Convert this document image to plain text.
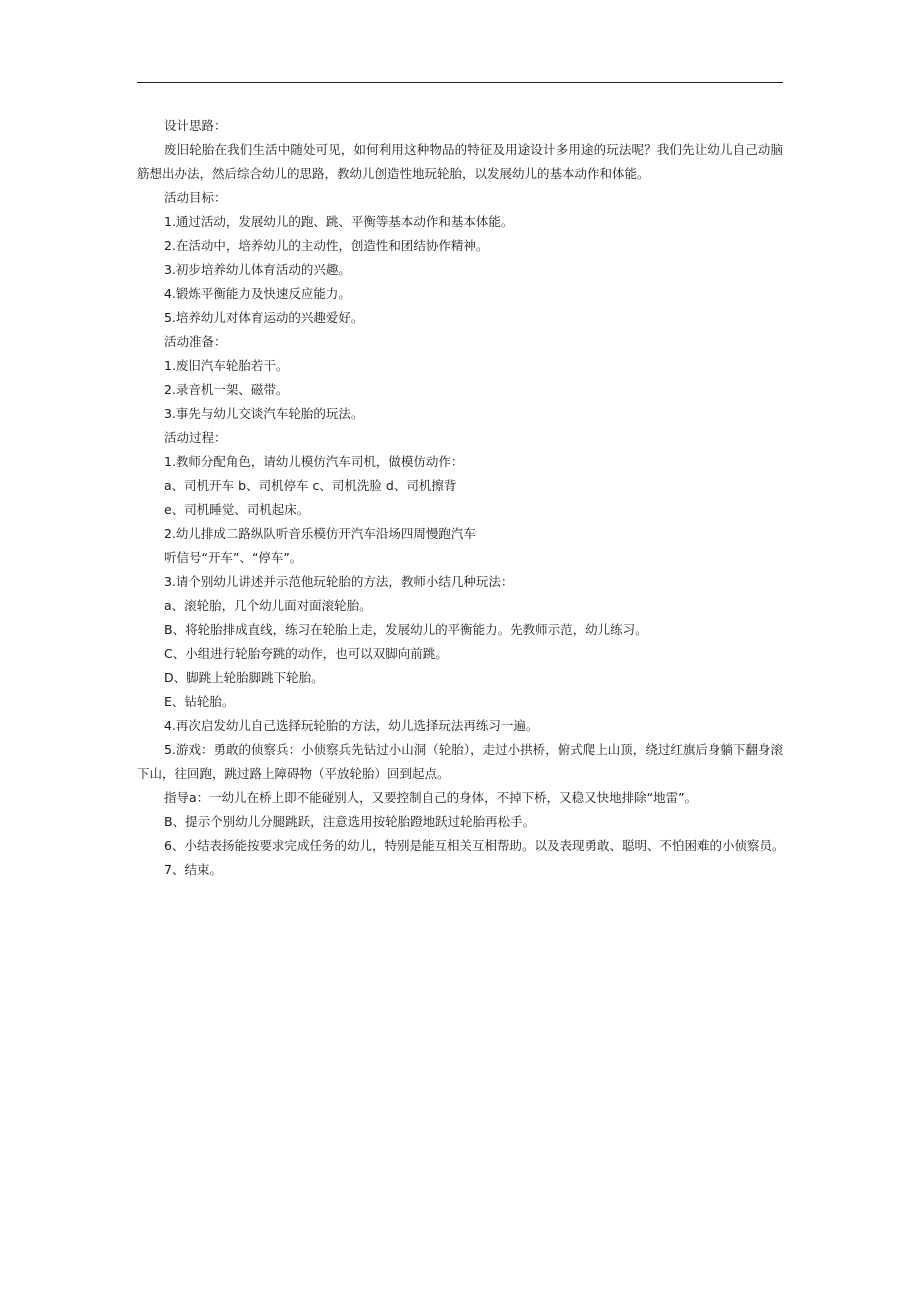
设计思路：

废旧轮胎在我们生活中随处可见，如何利用这种物品的特征及用途设计多用途的玩法呢？我们先让幼儿自己动脑筋想出办法，然后综合幼儿的思路，教幼儿创造性地玩轮胎，以发展幼儿的基本动作和体能。

活动目标：

1.通过活动，发展幼儿的跑、跳、平衡等基本动作和基本体能。

2.在活动中，培养幼儿的主动性，创造性和团结协作精神。

3.初步培养幼儿体育活动的兴趣。

4.锻炼平衡能力及快速反应能力。

5.培养幼儿对体育运动的兴趣爱好。

活动准备：

1.废旧汽车轮胎若干。

2.录音机一架、磁带。

3.事先与幼儿交谈汽车轮胎的玩法。

活动过程：

1.教师分配角色，请幼儿模仿汽车司机，做模仿动作：

a、司机开车 b、司机停车 c、司机洗脸 d、司机擦背

e、司机睡觉、司机起床。

2.幼儿排成二路纵队听音乐模仿开汽车沿场四周慢跑汽车

听信号“开车”、“停车”。

3.请个别幼儿讲述并示范他玩轮胎的方法，教师小结几种玩法：

a、滚轮胎，几个幼儿面对面滚轮胎。

B、将轮胎排成直线，练习在轮胎上走，发展幼儿的平衡能力。先教师示范，幼儿练习。

C、小组进行轮胎夸跳的动作，也可以双脚向前跳。

D、脚跳上轮胎脚跳下轮胎。

E、钻轮胎。

4.再次启发幼儿自己选择玩轮胎的方法，幼儿选择玩法再练习一遍。

5.游戏：勇敢的侦察兵：小侦察兵先钻过小山洞（轮胎），走过小拱桥，俯式爬上山顶，绕过红旗后身躺下翻身滚下山，往回跑，跳过路上障碍物（平放轮胎）回到起点。

指导a：一幼儿在桥上即不能碰别人，又要控制自己的身体，不掉下桥，又稳又快地排除“地雷”。

B、提示个别幼儿分腿跳跃，注意选用按轮胎蹬地跃过轮胎再松手。

6、小结表扬能按要求完成任务的幼儿，特别是能互相关互相帮助。以及表现勇敢、聪明、不怕困难的小侦察员。

7、结束。
